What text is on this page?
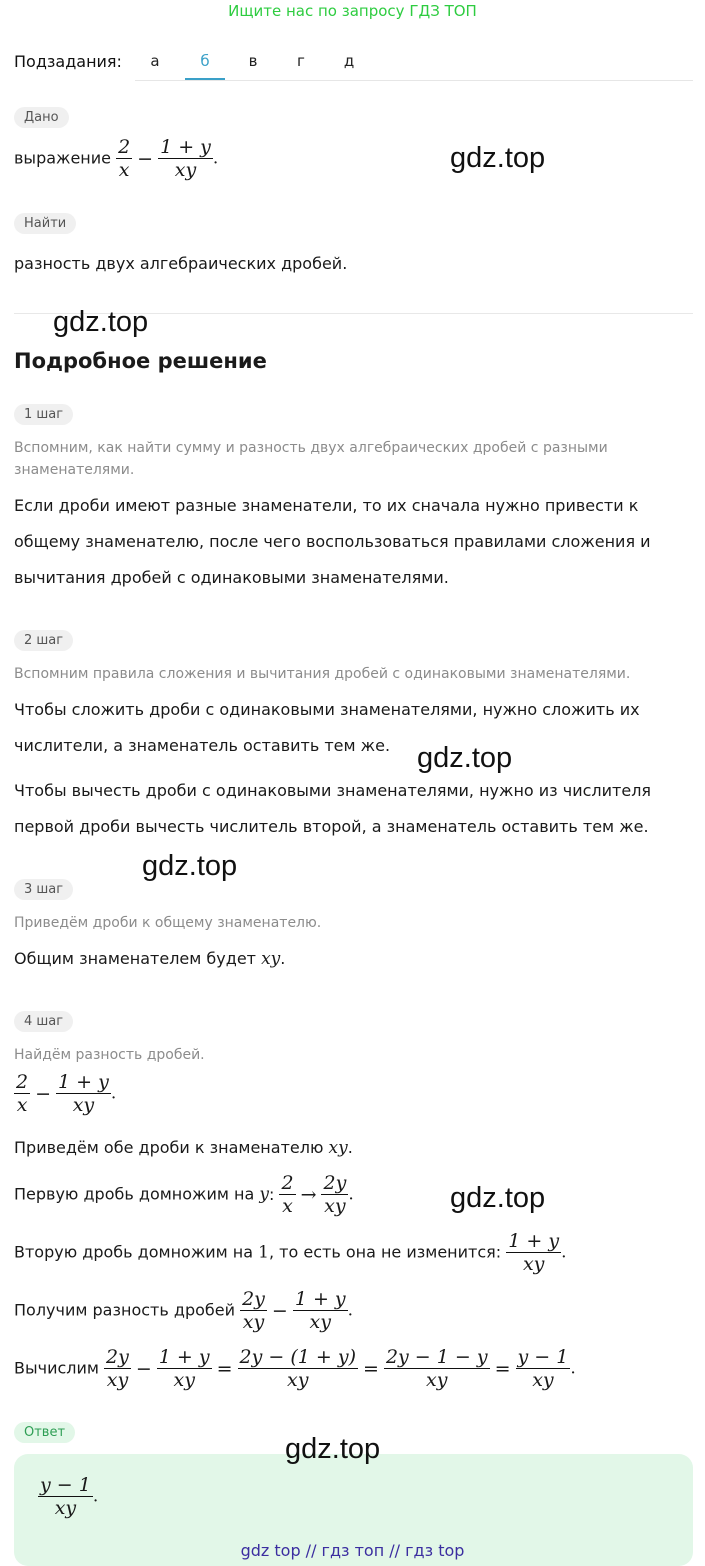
Ищите нас по запросу ГДЗ ТОП
Подзадания:	а	б	в	г	д
Дано
выражение $\frac{2}{x} - \frac{1 + y}{xy}$ .	gdz.top
Найти
разность двух алгебраических дробей.
gdz.top
Подробное решение
1 шаг
Вспомним, как найти сумму и разность двух алгебраических дробей с разными знаменателями.
Если дроби имеют разные знаменатели, то их сначала нужно привести к
общему знаменателю, после чего воспользоваться правилами сложения и
вычитания дробей с одинаковыми знаменателями.
2 шаг
Вспомним правила сложения и вычитания дробей с одинаковыми знаменателями.
Чтобы сложить дроби с одинаковыми знаменателями, нужно сложить их
числители, а знаменатель оставить тем же. gdz.top
Чтобы вычесть дроби с одинаковыми знаменателями, нужно из числителя
первой дроби вычесть числитель второй, а знаменатель оставить тем же.
gdz.top
3 шаг
Приведём дроби к общему знаменателю.
Общим знаменателем будет xy.
4 шаг
Найдём разность дробей.
$\frac{2}{x} - \frac{1 + y}{xy}$ .
Приведём обе дроби к знаменателю xy.
Первую дробь домножим на y: $\frac{2}{x} \to \frac{2y}{xy}$ .	gdz.top
Вторую дробь домножим на 1, то есть она не изменится: $\frac{1 + y}{xy}$ .
Получим разность дробей $\frac{2y}{xy} - \frac{1 + y}{xy}$ .
Вычислим $\frac{2y}{xy} - \frac{1 + y}{xy} = \frac{2y - (1 + y)}{xy} = \frac{2y - 1 - y}{xy} = \frac{y - 1}{xy}$ .
Ответ
$\frac{y - 1}{xy}$ .
gdz.top
gdz top // гдз топ // гдз top
